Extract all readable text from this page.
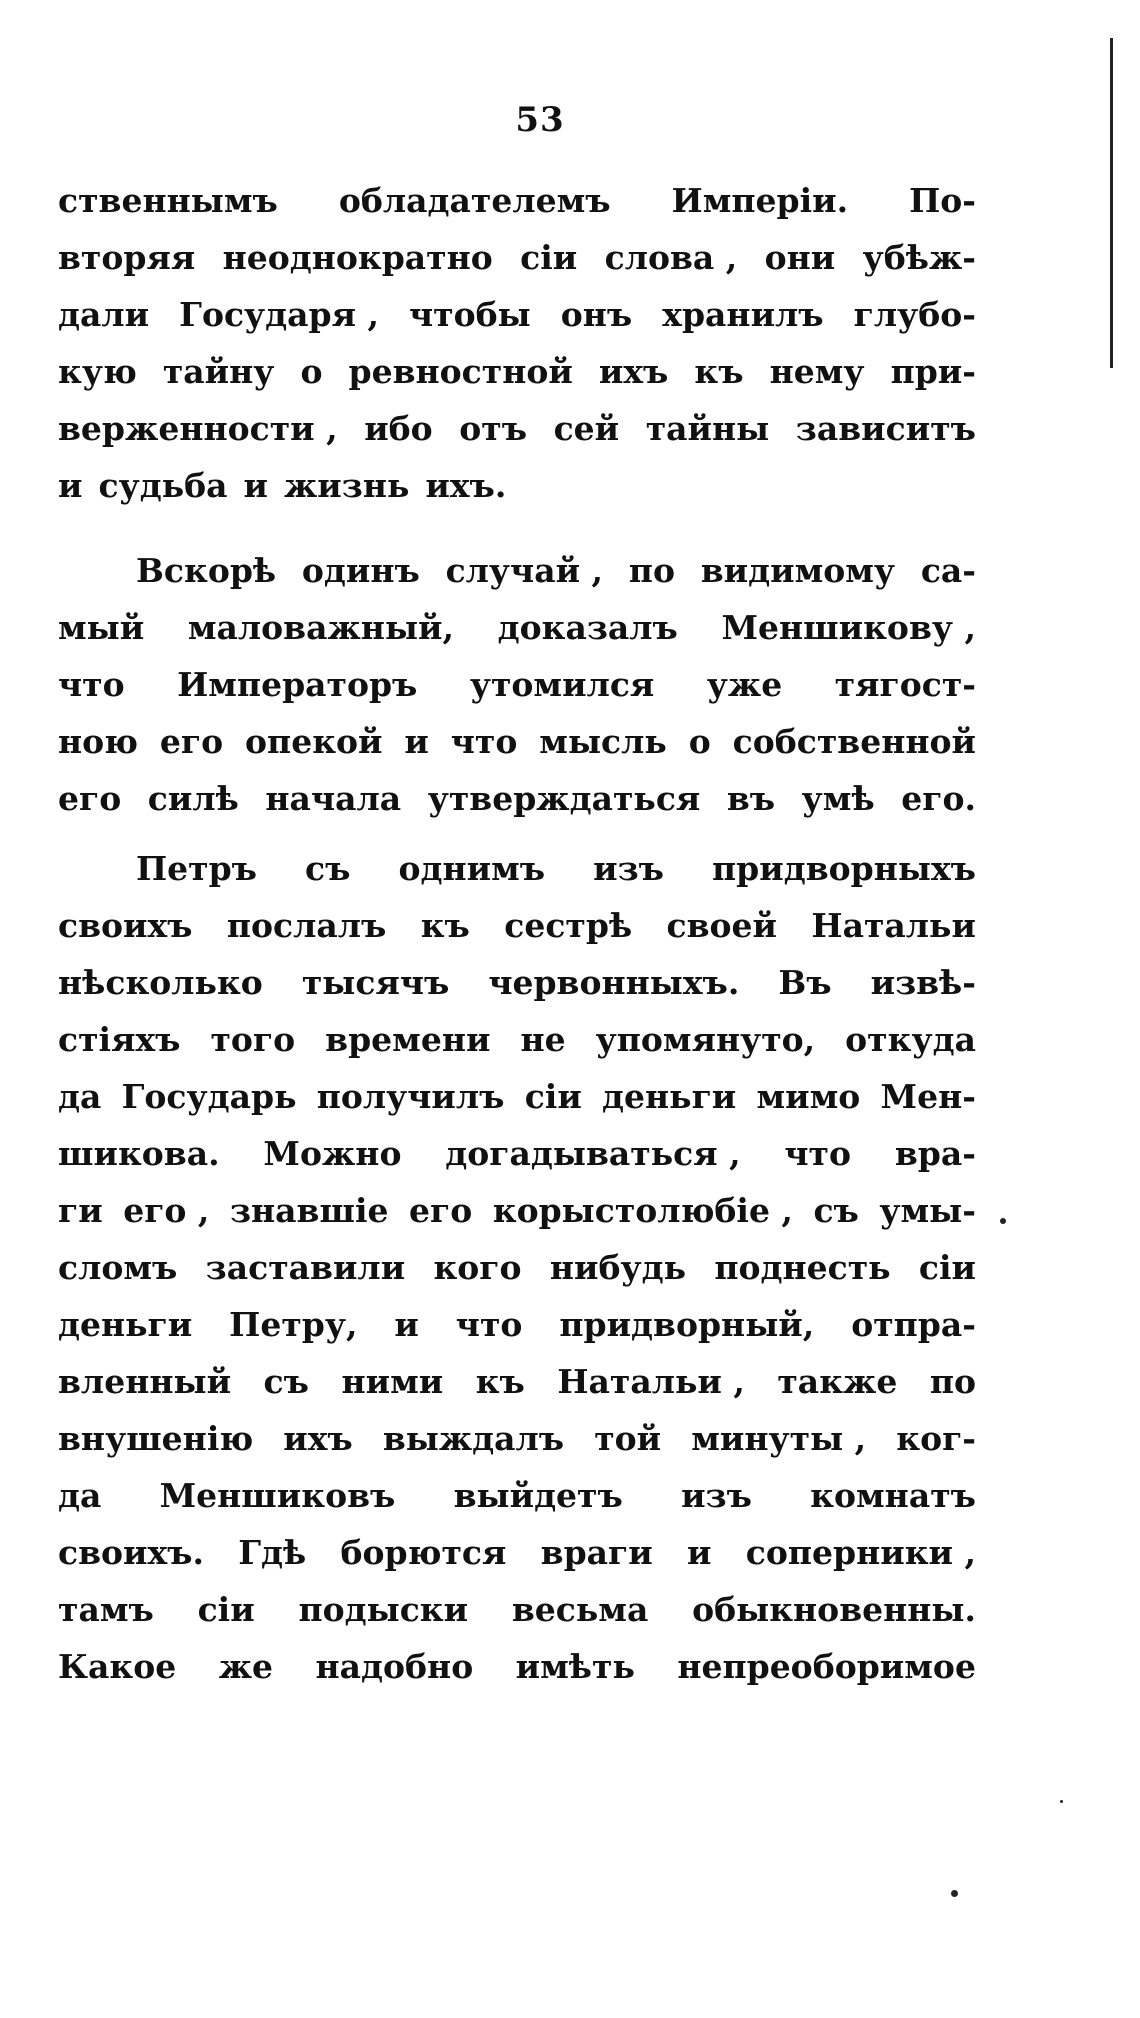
53
ственнымъ обладателемъ Имперіи. По-
вторяя неоднократно сіи слова , они убѣж-
дали Государя , чтобы онъ хранилъ глубо-
кую тайну о ревностной ихъ къ нему при-
верженности , ибо отъ сей тайны зависитъ
и судьба и жизнь ихъ.
Вскорѣ одинъ случай , по видимому са-
мый маловажный, доказалъ Меншикову ,
что Императоръ утомился уже тягост-
ною его опекой и что мысль о собственной
его силѣ начала утверждаться въ умѣ его.
Петръ съ однимъ изъ придворныхъ
своихъ послалъ къ сестрѣ своей Натальи
нѣсколько тысячъ червонныхъ. Въ извѣ-
стіяхъ того времени не упомянуто, откуда
да Государь получилъ сіи деньги мимо Мен-
шикова. Можно догадываться , что вра-
ги его , знавшіе его корыстолюбіе , съ умы-
сломъ заставили кого нибудь поднесть сіи
деньги Петру, и что придворный, отпра-
вленный съ ними къ Натальи , также по
внушенію ихъ выждалъ той минуты , ког-
да Меншиковъ выйдетъ изъ комнатъ
своихъ. Гдѣ борются враги и соперники ,
тамъ сіи подыски весьма обыкновенны.
Какое же надобно имѣть непреоборимое
